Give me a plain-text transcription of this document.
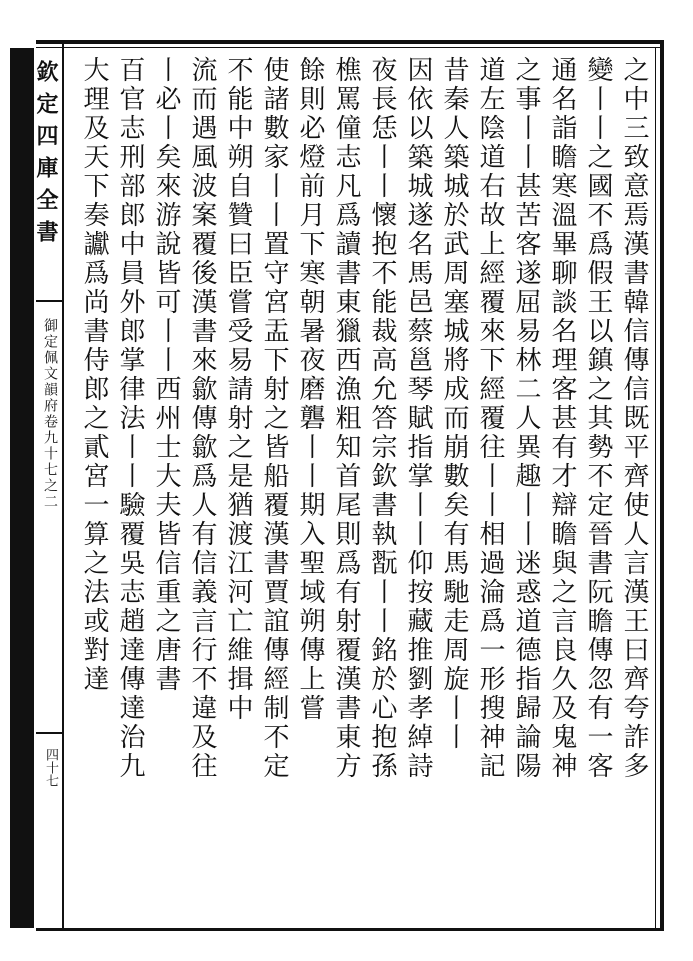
欽定四庫全書
御定佩文韻府卷九十七之二
四十七	之中三致意焉漢書韓信傳信既平齊使人言漢王曰齊夸詐多
變丨丨之國不爲假王以鎮之其勢不定晉書阮瞻傳忽有一客
通名詣瞻寒溫畢聊談名理客甚有才辯瞻與之言良久及鬼神
之事丨丨甚苦客遂屈易林二人異趣丨丨迷惑道德指歸論陽
道左陰道右故上經覆來下經覆往丨丨相過淪爲一形搜神記
昔秦人築城於武周塞城將成而崩數矣有馬馳走周旋丨丨
因依以築城遂名馬邑蔡邕琴賦指掌丨丨仰按藏推劉孝綽詩
夜長恁丨丨懷抱不能裁高允答宗欽書執翫丨丨銘於心抱孫
樵罵僮志凡爲讀書東獵西漁粗知首尾則爲有射覆漢書東方
餘則必燈前月下寒朝暑夜磨礱丨丨期入聖域朔傳上嘗
使諸數家丨丨置守宮盂下射之皆船覆漢書賈誼傳經制不定
不能中朔自贊曰臣嘗受易請射之是猶渡江河亡維揖中
流而遇風波案覆後漢書來歙傳歙爲人有信義言行不違及往
丨必丨矣來游說皆可丨丨西州士大夫皆信重之唐書
百官志刑部郎中員外郎掌律法丨丨驗覆吳志趙達傳達治九
大理及天下奏讞爲尚書侍郎之貳宮一算之法或對達
